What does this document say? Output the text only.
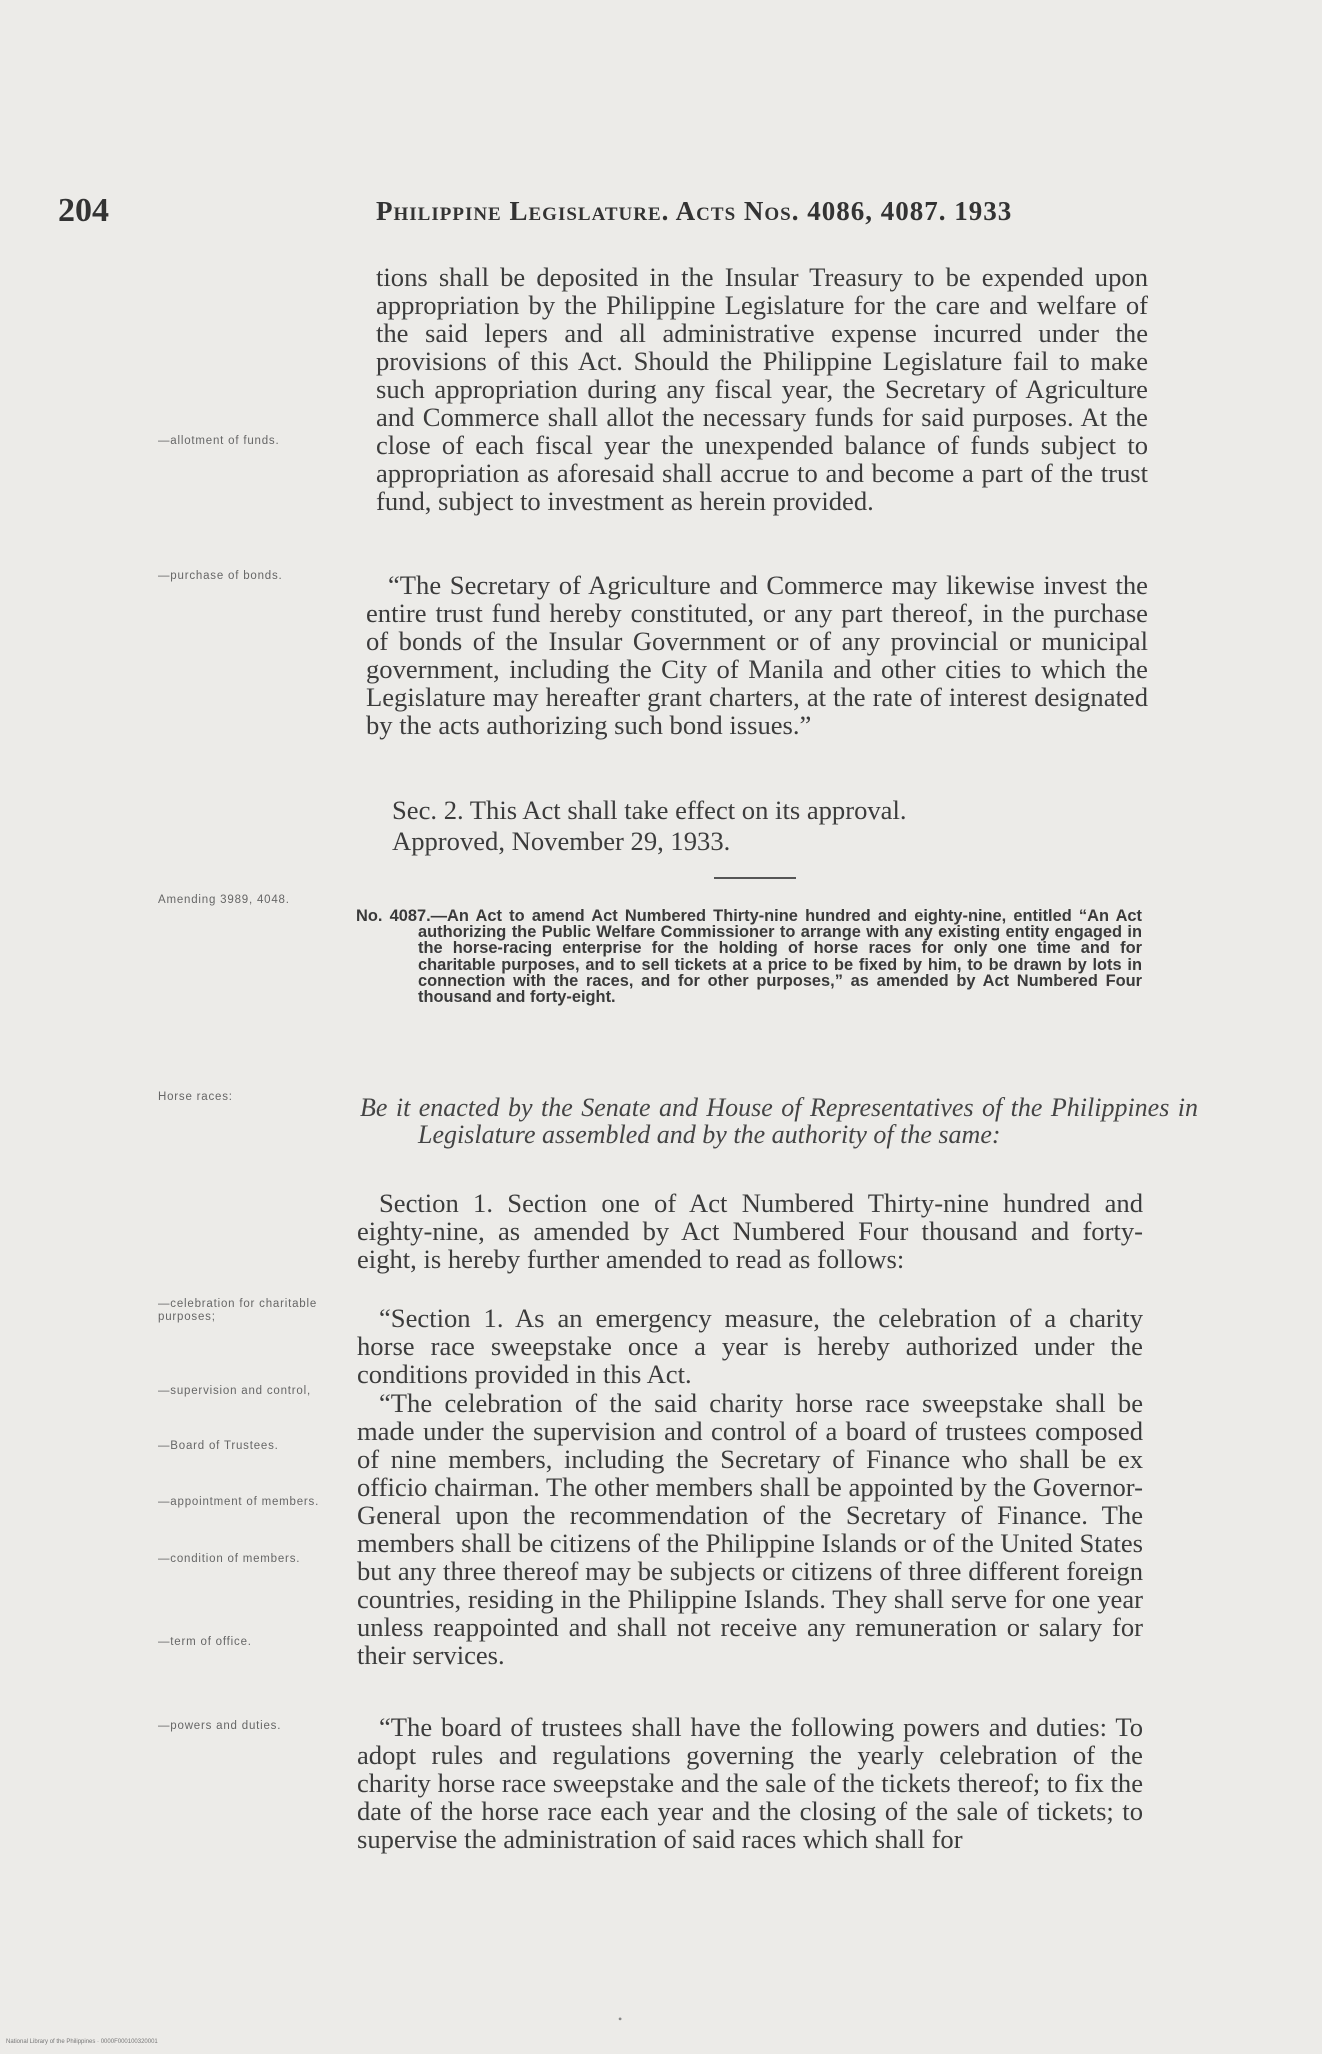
204	Philippine Legislature. Acts Nos. 4086, 4087. 1933

tions shall be deposited in the Insular Treasury to be expended upon appropriation by the Philippine Legislature for the care and welfare of the said lepers and all administrative expense incurred under the provisions of this Act. Should the Philippine Legislature fail to make such appropriation during any fiscal year, the Secretary of Agriculture and Commerce shall allot the necessary funds for said purposes. At the close of each fiscal year the unexpended balance of funds subject to appropriation as aforesaid shall accrue to and become a part of the trust fund, subject to investment as herein provided.

“The Secretary of Agriculture and Commerce may likewise invest the entire trust fund hereby constituted, or any part thereof, in the purchase of bonds of the Insular Government or of any provincial or municipal government, including the City of Manila and other cities to which the Legislature may hereafter grant charters, at the rate of interest designated by the acts authorizing such bond issues.”

Sec. 2. This Act shall take effect on its approval.

Approved, November 29, 1933.

No. 4087.—An Act to amend Act Numbered Thirty-nine hundred and eighty-nine, entitled “An Act authorizing the Public Welfare Commissioner to arrange with any existing entity engaged in the horse-racing enterprise for the holding of horse races for only one time and for charitable purposes, and to sell tickets at a price to be fixed by him, to be drawn by lots in connection with the races, and for other purposes,” as amended by Act Numbered Four thousand and forty-eight.

Be it enacted by the Senate and House of Representatives of the Philippines in Legislature assembled and by the authority of the same:

Section 1. Section one of Act Numbered Thirty-nine hundred and eighty-nine, as amended by Act Numbered Four thousand and forty-eight, is hereby further amended to read as follows:

“Section 1. As an emergency measure, the celebration of a charity horse race sweepstake once a year is hereby authorized under the conditions provided in this Act.

“The celebration of the said charity horse race sweepstake shall be made under the supervision and control of a board of trustees composed of nine members, including the Secretary of Finance who shall be ex officio chairman. The other members shall be appointed by the Governor-General upon the recommendation of the Secretary of Finance. The members shall be citizens of the Philippine Islands or of the United States but any three thereof may be subjects or citizens of three different foreign countries, residing in the Philippine Islands. They shall serve for one year unless reappointed and shall not receive any remuneration or salary for their services.

“The board of trustees shall have the following powers and duties: To adopt rules and regulations governing the yearly celebration of the charity horse race sweepstake and the sale of the tickets thereof; to fix the date of the horse race each year and the closing of the sale of tickets; to supervise the administration of said races which shall for

—allotment of funds.
—purchase of bonds.
Amending 3989, 4048.
Horse races:
—celebration for charitable purposes;
—supervision and control,
—Board of Trustees.
—appointment of members.
—condition of members.
—term of office.
—powers and duties.
•
National Library of the Philippines · 0000F000100320001
